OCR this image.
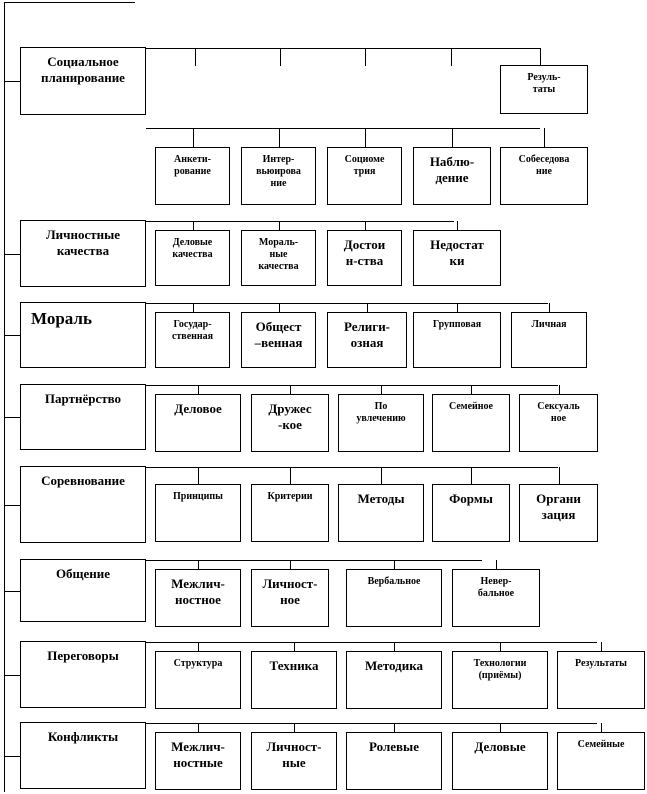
Социальное
планирование	Резуль-
таты
Анкети-
рование
Интер-
вьюирова
ние
Социоме
трия
Наблю-
дение
Собеседова
ние
Личностные
качества
Деловые
качества
Мораль-
ные
качества
Достои
н-ства
Недостат
ки
Мораль	Государ-
ственная
Общест
–венная
Религи-
озная
Групповая	Личная
Партнёрство
Деловое	Дружес
-кое
По
увлечению
Семейное	Сексуаль
ное
Соревнование
Принципы	Критерии	Методы	Формы	Органи
зация
Общение
Межлич-
ностное
Личност-
ное
Вербальное	Невер-
бальное
Переговоры
Структура	Техника	Методика	Технологии
(приёмы)
Результаты
Конфликты
Межлич-
ностные
Личност-
ные
Ролевые	Деловые	Семейные
